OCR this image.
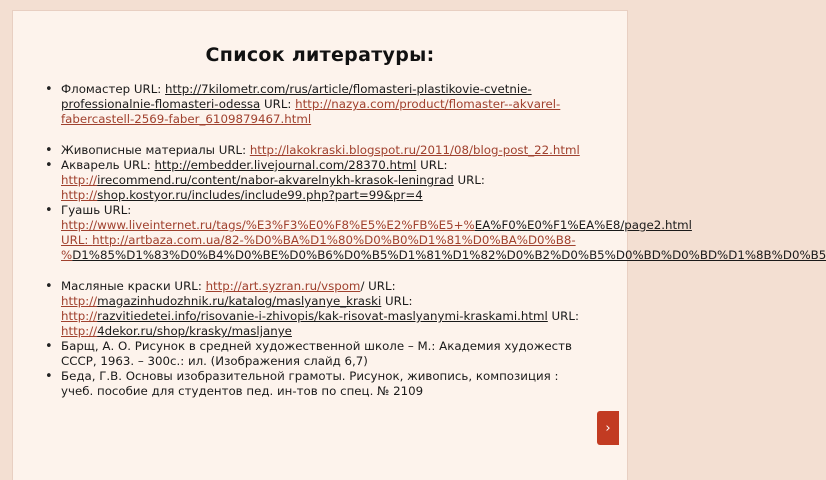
Список литературы:
• Фломастер URL: http://7kilometr.com/rus/article/flomasteri-plastikovie-cvetnie-professionalnie-flomasteri-odessa URL: http://nazya.com/product/flomaster--akvarel-fabercastell-2569-faber_6109879467.html
• Живописные материалы URL: http://lakokraski.blogspot.ru/2011/08/blog-post_22.html
• Акварель URL: http://embedder.livejournal.com/28370.html URL: http://irecommend.ru/content/nabor-akvarelnykh-krasok-leningrad URL: http://shop.kostyor.ru/includes/include99.php?part=99&pr=4
• Гуашь URL: http://www.liveinternet.ru/tags/%E3%F3%E0%F8%E5%E2%FB%E5+%EA%F0%E0%F1%EA%E8/page2.html URL: http://artbaza.com.ua/82-%D0%BA%D1%80%D0%B0%D1%81%D0%BA%D0%B8-%D1%85%D1%83%D0%B4%D0%BE%D0%B6%D0%B5%D1%81%D1%82%D0%B2%D0%B5%D0%BD%D0%BD%D1%8B%D0%B5
• Масляные краски URL: http://art.syzran.ru/vspom/ URL: http://magazinhudozhnik.ru/katalog/maslyanye_kraski URL: http://razvitiedetei.info/risovanie-i-zhivopis/kak-risovat-maslyanymi-kraskami.html URL: http://4dekor.ru/shop/krasky/masljanye
• Барщ, А. О. Рисунок в средней художественной школе – М.: Академия художеств СССР, 1963. – 300с.: ил. (Изображения слайд 6,7)
• Беда, Г.В. Основы изобразительной грамоты. Рисунок, живопись, композиция : учеб. пособие для студентов пед. ин-тов по спец. № 2109
›
